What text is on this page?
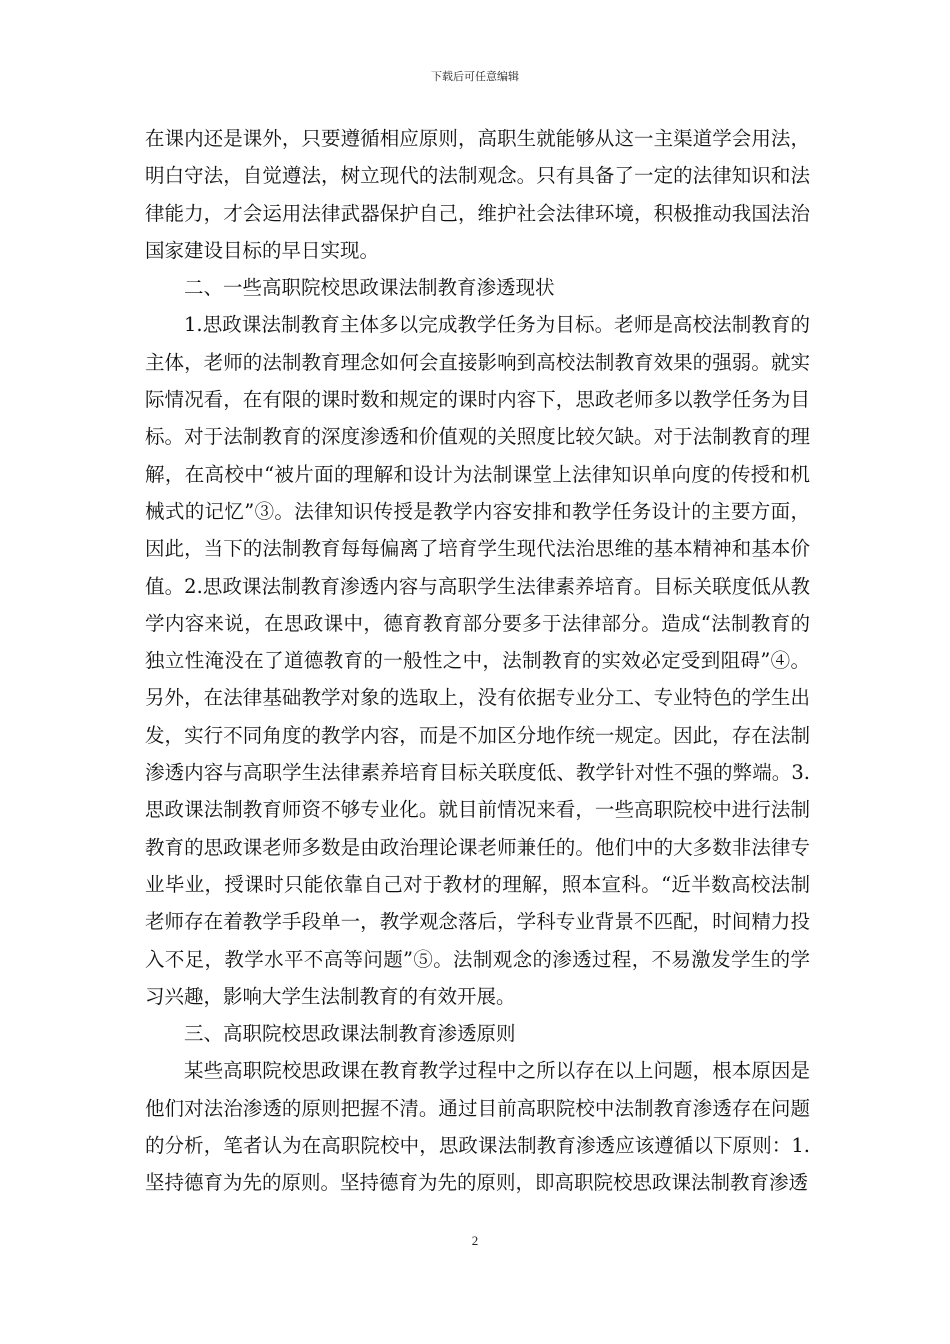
下载后可任意编辑

在课内还是课外，只要遵循相应原则，高职生就能够从这一主渠道学会用法，明白守法，自觉遵法，树立现代的法制观念。只有具备了一定的法律知识和法律能力，才会运用法律武器保护自己，维护社会法律环境，积极推动我国法治国家建设目标的早日实现。

二、一些高职院校思政课法制教育渗透现状

1.思政课法制教育主体多以完成教学任务为目标。老师是高校法制教育的主体，老师的法制教育理念如何会直接影响到高校法制教育效果的强弱。就实际情况看，在有限的课时数和规定的课时内容下，思政老师多以教学任务为目标。对于法制教育的深度渗透和价值观的关照度比较欠缺。对于法制教育的理解，在高校中“被片面的理解和设计为法制课堂上法律知识单向度的传授和机械式的记忆”③。法律知识传授是教学内容安排和教学任务设计的主要方面，因此，当下的法制教育每每偏离了培育学生现代法治思维的基本精神和基本价值。2.思政课法制教育渗透内容与高职学生法律素养培育。目标关联度低从教学内容来说，在思政课中，德育教育部分要多于法律部分。造成“法制教育的独立性淹没在了道德教育的一般性之中，法制教育的实效必定受到阻碍”④。另外，在法律基础教学对象的选取上，没有依据专业分工、专业特色的学生出发，实行不同角度的教学内容，而是不加区分地作统一规定。因此，存在法制渗透内容与高职学生法律素养培育目标关联度低、教学针对性不强的弊端。3.思政课法制教育师资不够专业化。就目前情况来看，一些高职院校中进行法制教育的思政课老师多数是由政治理论课老师兼任的。他们中的大多数非法律专业毕业，授课时只能依靠自己对于教材的理解，照本宣科。“近半数高校法制老师存在着教学手段单一，教学观念落后，学科专业背景不匹配，时间精力投入不足，教学水平不高等问题”⑤。法制观念的渗透过程，不易激发学生的学习兴趣，影响大学生法制教育的有效开展。

三、高职院校思政课法制教育渗透原则

某些高职院校思政课在教育教学过程中之所以存在以上问题，根本原因是他们对法治渗透的原则把握不清。通过目前高职院校中法制教育渗透存在问题的分析，笔者认为在高职院校中，思政课法制教育渗透应该遵循以下原则：1.坚持德育为先的原则。坚持德育为先的原则，即高职院校思政课法制教育渗透

2
